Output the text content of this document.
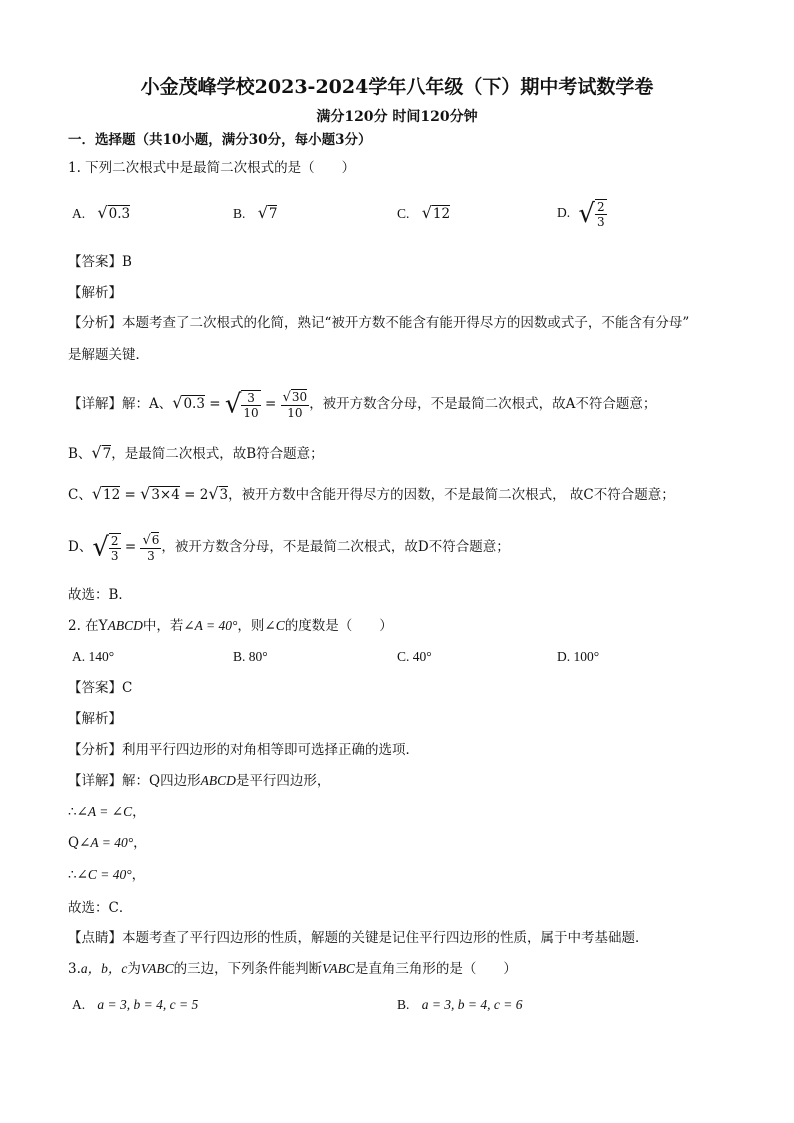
小金茂峰学校2023-2024学年八年级（下）期中考试数学卷
满分120分 时间120分钟
一．选择题（共10小题，满分30分，每小题3分）
1. 下列二次根式中是最简二次根式的是（　　）
A. √0.3	B. √7	C. √12	D. √ $\frac{2}{3}$
【答案】B
【解析】
【分析】本题考查了二次根式的化简，熟记“被开方数不能含有能开得尽方的因数或式子，不能含有分母”
是解题关键．
【详解】解：A、√0.3 = √ $\frac{3}{10} = \frac{√30}{10}$ ，被开方数含分母，不是最简二次根式，故A不符合题意；
B、√7，是最简二次根式，故B符合题意；
C、√12 = √3×4 = 2√3，被开方数中含能开得尽方的因数，不是最简二次根式， 故C不符合题意；
D、√ $\frac{2}{3} = \frac{√6}{3}$ ，被开方数含分母，不是最简二次根式，故D不符合题意；
故选：B．
2. 在YABCD中，若∠A = 40°，则∠C的度数是（　　）
A. 140°	B. 80°	C. 40°	D. 100°
【答案】C
【解析】
【分析】利用平行四边形的对角相等即可选择正确的选项．
【详解】解：Q四边形ABCD是平行四边形，
∴∠A = ∠C，
Q∠A = 40°，
∴∠C = 40°，
故选：C．
【点睛】本题考查了平行四边形的性质，解题的关键是记住平行四边形的性质，属于中考基础题．
3.a，b，c为VABC的三边，下列条件能判断VABC是直角三角形的是（　　）
A. a = 3, b = 4, c = 5	B. a = 3, b = 4, c = 6
